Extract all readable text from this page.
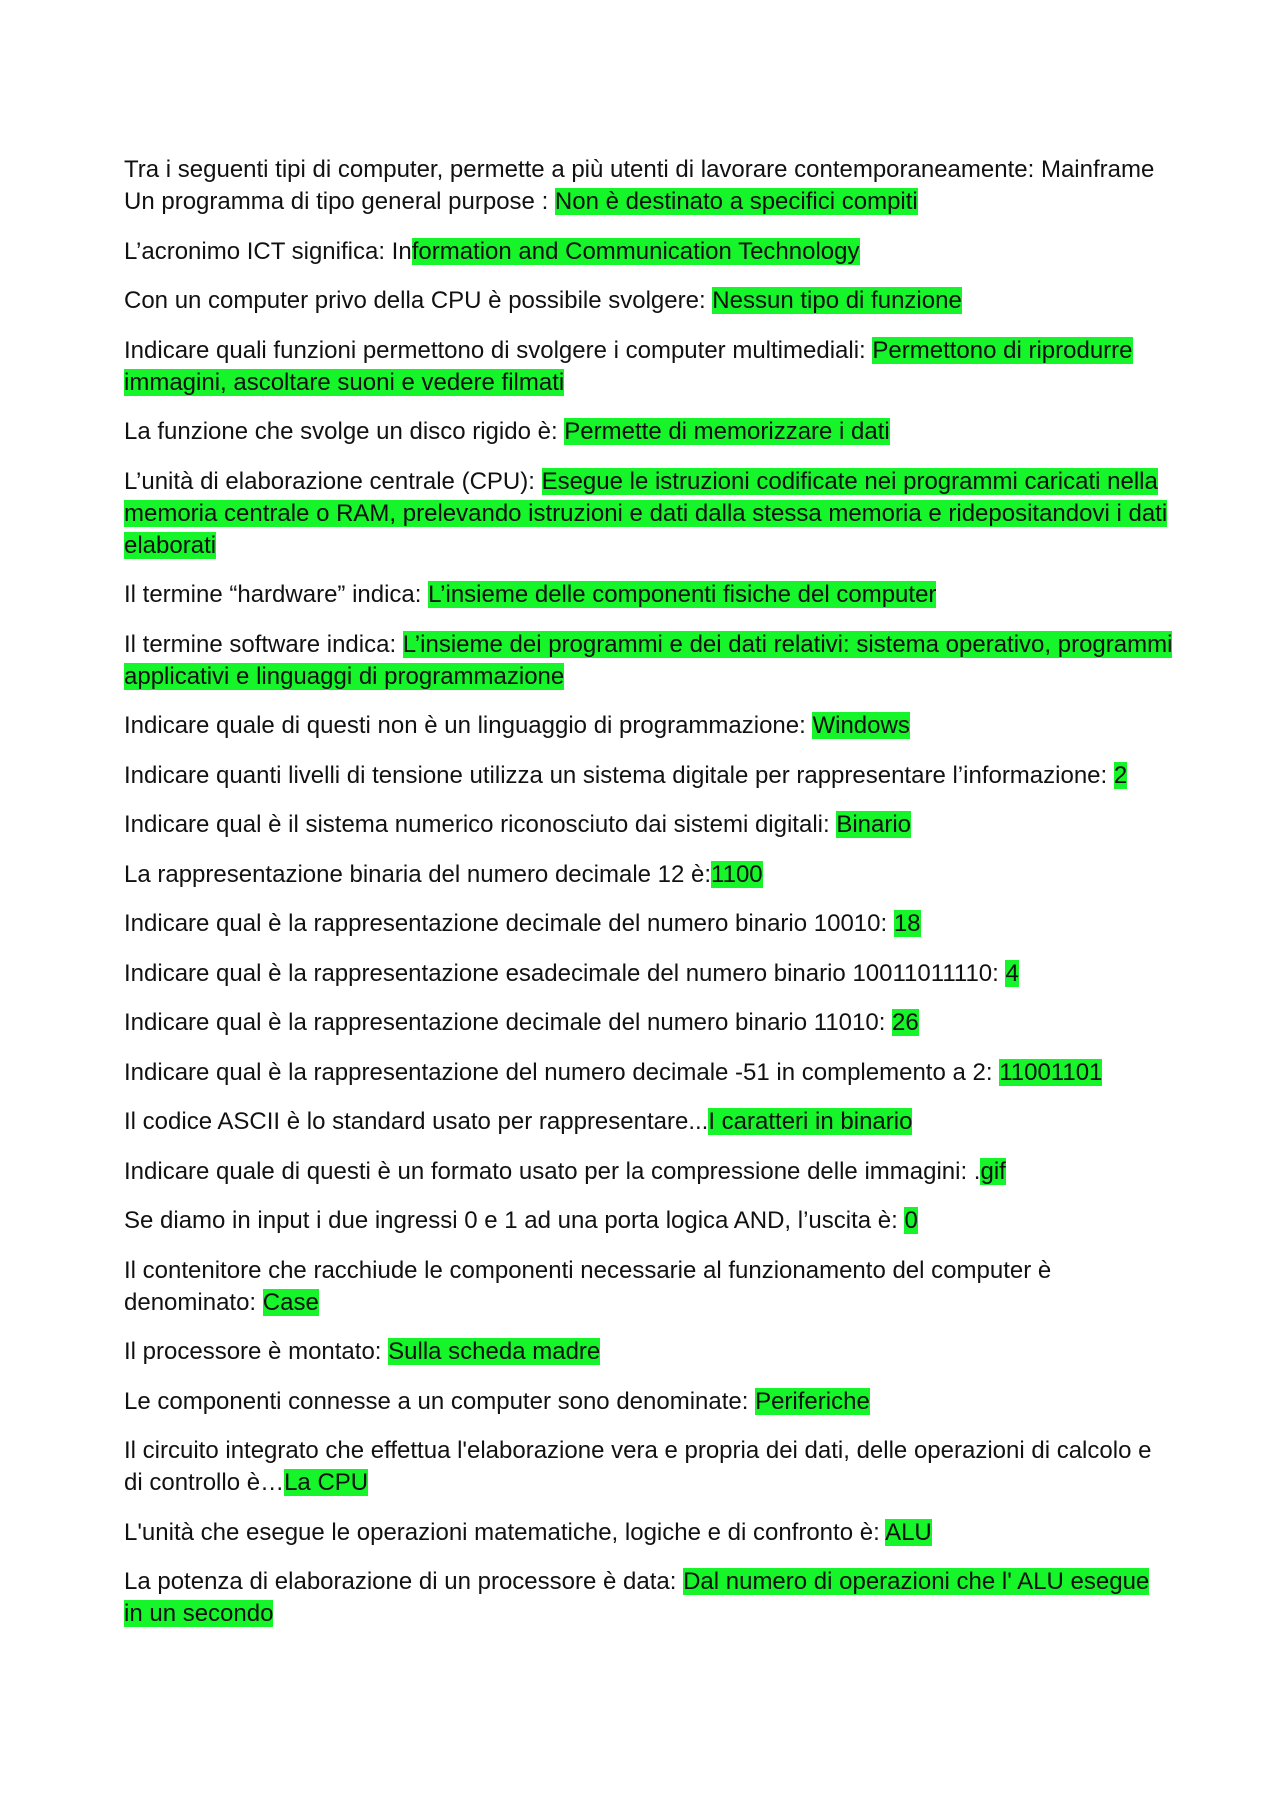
Tra i seguenti tipi di computer, permette a più utenti di lavorare contemporaneamente: Mainframe Un programma di tipo general purpose : Non è destinato a specifici compiti

L’acronimo ICT significa: Information and Communication Technology

Con un computer privo della CPU è possibile svolgere: Nessun tipo di funzione

Indicare quali funzioni permettono di svolgere i computer multimediali: Permettono di riprodurre immagini, ascoltare suoni e vedere filmati

La funzione che svolge un disco rigido è: Permette di memorizzare i dati

L’unità di elaborazione centrale (CPU): Esegue le istruzioni codificate nei programmi caricati nella memoria centrale o RAM, prelevando istruzioni e dati dalla stessa memoria e ridepositandovi i dati elaborati

Il termine “hardware” indica: L’insieme delle componenti fisiche del computer

Il termine software indica: L’insieme dei programmi e dei dati relativi: sistema operativo, programmi applicativi e linguaggi di programmazione

Indicare quale di questi non è un linguaggio di programmazione: Windows

Indicare quanti livelli di tensione utilizza un sistema digitale per rappresentare l’informazione: 2

Indicare qual è il sistema numerico riconosciuto dai sistemi digitali: Binario

La rappresentazione binaria del numero decimale 12 è:1100

Indicare qual è la rappresentazione decimale del numero binario 10010: 18

Indicare qual è la rappresentazione esadecimale del numero binario 10011011110: 4

Indicare qual è la rappresentazione decimale del numero binario 11010: 26

Indicare qual è la rappresentazione del numero decimale -51 in complemento a 2: 11001101

Il codice ASCII è lo standard usato per rappresentare...I caratteri in binario

Indicare quale di questi è un formato usato per la compressione delle immagini: .gif

Se diamo in input i due ingressi 0 e 1 ad una porta logica AND, l’uscita è: 0

Il contenitore che racchiude le componenti necessarie al funzionamento del computer è denominato: Case

Il processore è montato: Sulla scheda madre

Le componenti connesse a un computer sono denominate: Periferiche

Il circuito integrato che effettua l'elaborazione vera e propria dei dati, delle operazioni di calcolo e di controllo è…La CPU

L'unità che esegue le operazioni matematiche, logiche e di confronto è: ALU

La potenza di elaborazione di un processore è data: Dal numero di operazioni che l' ALU esegue in un secondo
